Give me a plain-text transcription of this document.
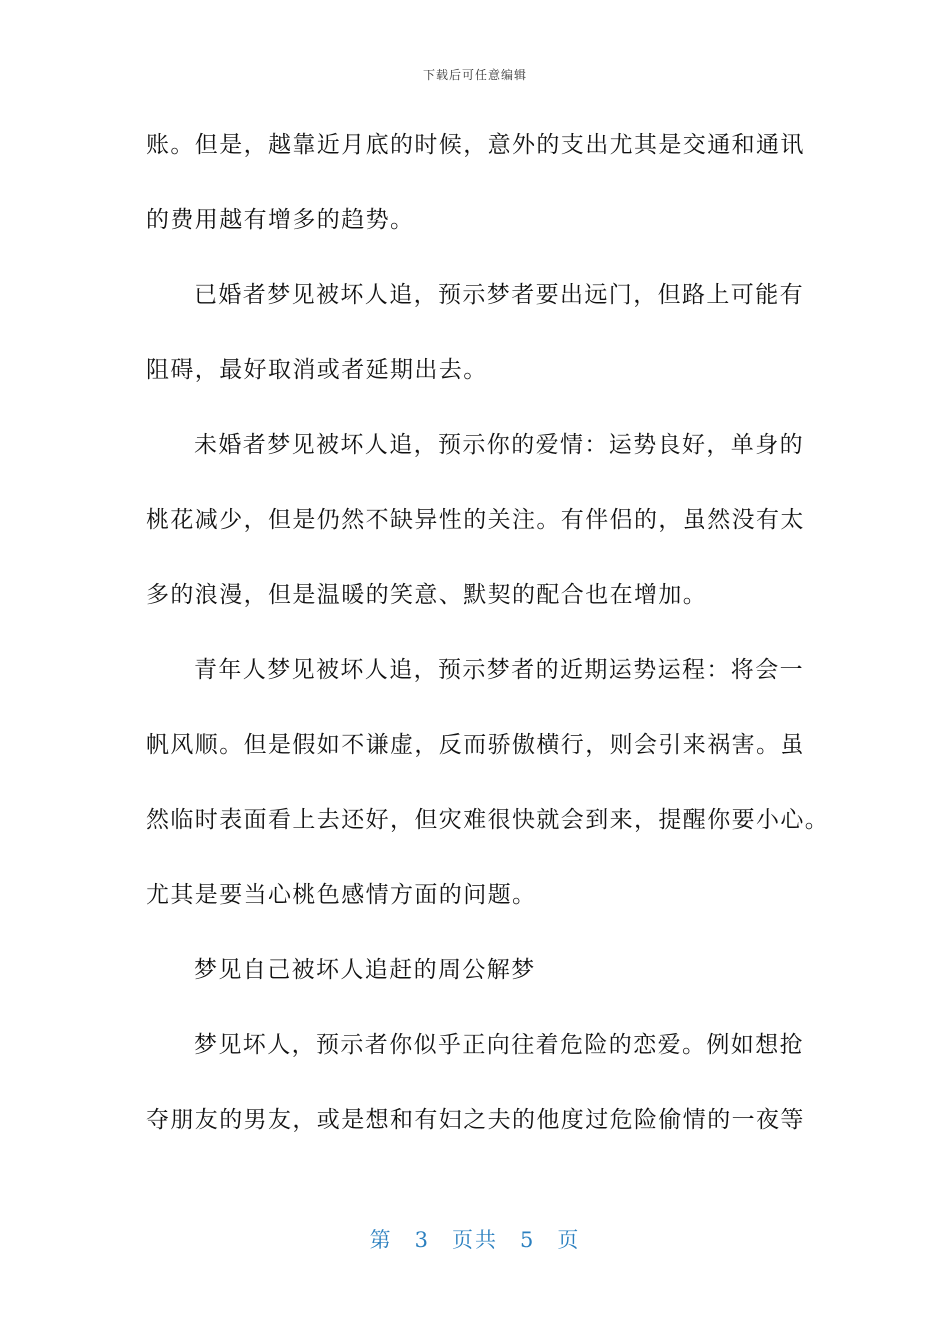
下载后可任意编辑
账。但是，越靠近月底的时候，意外的支出尤其是交通和通讯
的费用越有增多的趋势。
已婚者梦见被坏人追，预示梦者要出远门，但路上可能有
阻碍，最好取消或者延期出去。
未婚者梦见被坏人追，预示你的爱情：运势良好，单身的
桃花减少，但是仍然不缺异性的关注。有伴侣的，虽然没有太
多的浪漫，但是温暖的笑意、默契的配合也在增加。
青年人梦见被坏人追，预示梦者的近期运势运程：将会一
帆风顺。但是假如不谦虚，反而骄傲横行，则会引来祸害。虽
然临时表面看上去还好，但灾难很快就会到来，提醒你要小心。
尤其是要当心桃色感情方面的问题。
梦见自己被坏人追赶的周公解梦
梦见坏人，预示者你似乎正向往着危险的恋爱。例如想抢
夺朋友的男友，或是想和有妇之夫的他度过危险偷情的一夜等
第 3 页共 5 页
